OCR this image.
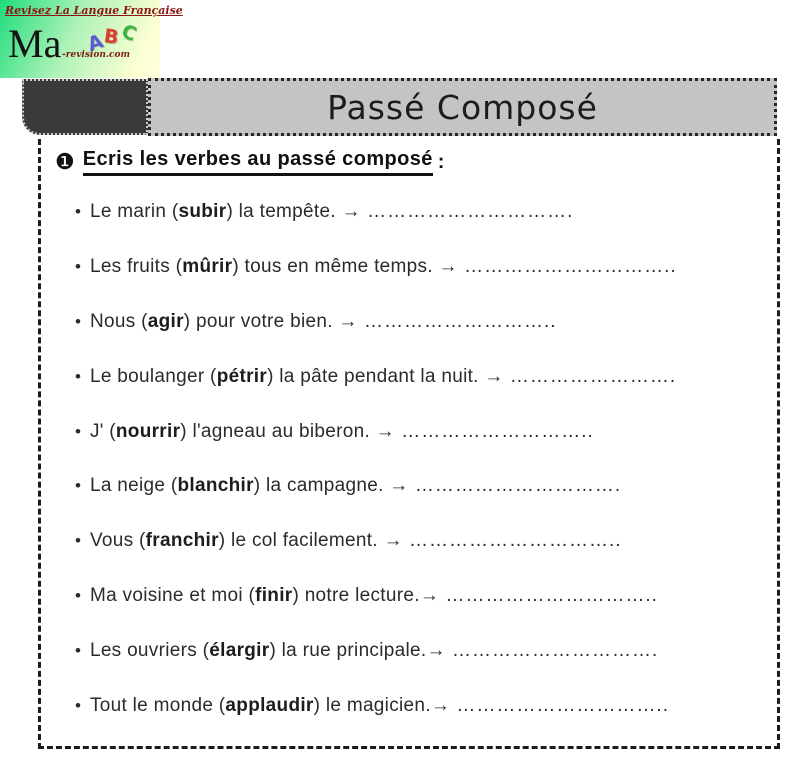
Revisez La Langue Française
Ma -revision.com
A
B
C
Passé Composé
❶ Ecris les verbes au passé composé :
• Le marin (subir) la tempête. → ………………………….
• Les fruits (mûrir) tous en même temps. → …………………………..
• Nous (agir) pour votre bien. → ………………………..
• Le boulanger (pétrir) la pâte pendant la nuit. → …………………….
• J' (nourrir) l'agneau au biberon. → ………………………..
• La neige (blanchir) la campagne. → ………………………….
• Vous (franchir) le col facilement. → …………………………..
• Ma voisine et moi (finir) notre lecture.→ …………………………..
• Les ouvriers (élargir) la rue principale.→ ………………………….
• Tout le monde (applaudir) le magicien.→ …………………………..
